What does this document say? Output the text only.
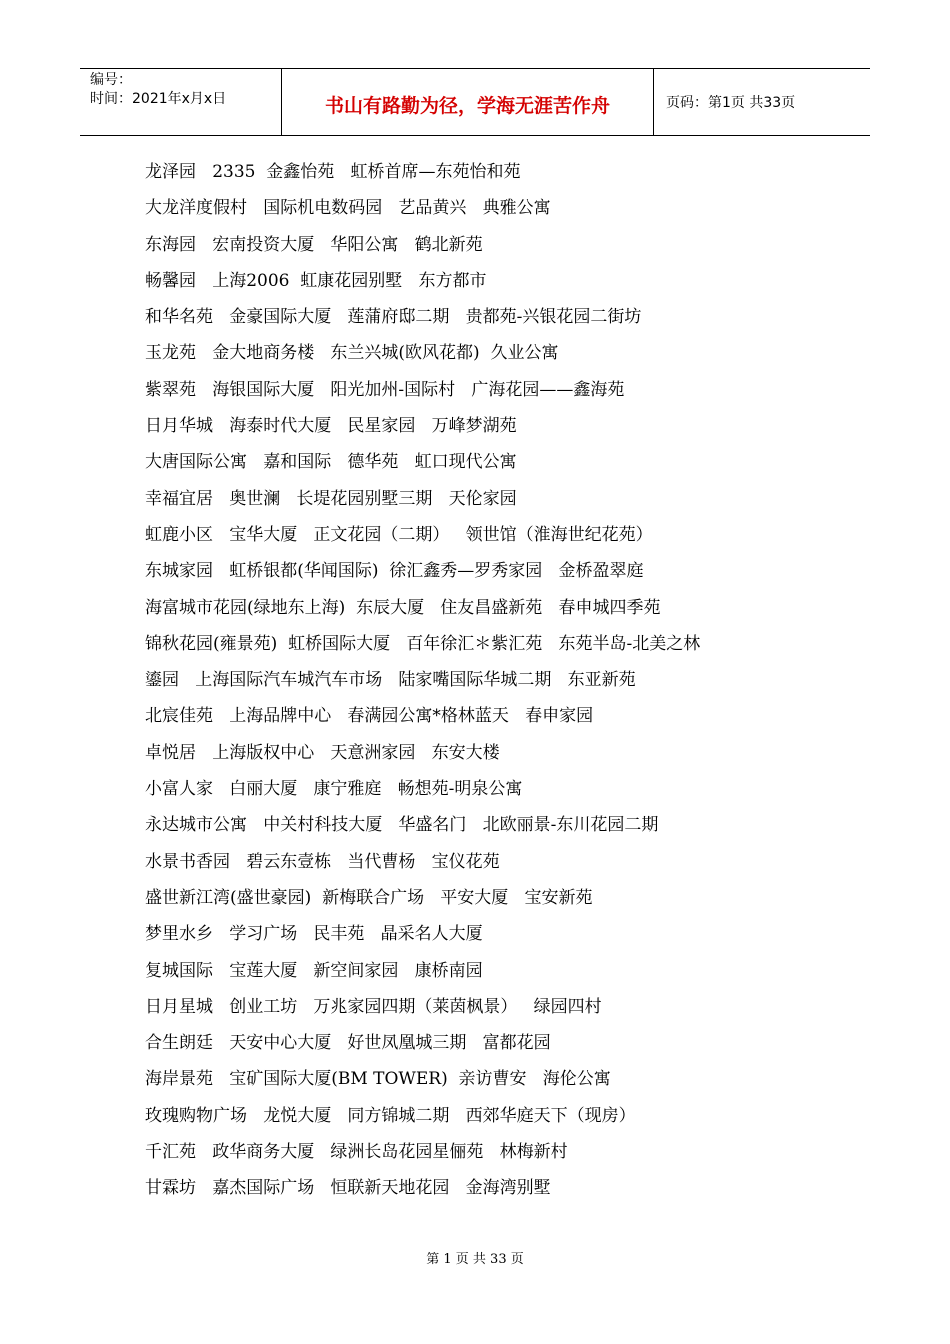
编号：
时间：2021年x月x日	书山有路勤为径，学海无涯苦作舟	页码：第1页 共33页
龙泽园   2335  金鑫怡苑   虹桥首席—东苑怡和苑
大龙洋度假村   国际机电数码园   艺品黄兴   典雅公寓
东海园   宏南投资大厦   华阳公寓   鹤北新苑
畅馨园   上海2006  虹康花园别墅   东方都市
和华名苑   金豪国际大厦   莲蒲府邸二期   贵都苑-兴银花园二街坊
玉龙苑   金大地商务楼   东兰兴城(欧风花都)  久业公寓
紫翠苑   海银国际大厦   阳光加州-国际村   广海花园——鑫海苑
日月华城   海泰时代大厦   民星家园   万峰梦湖苑
大唐国际公寓   嘉和国际   德华苑   虹口现代公寓
幸福宜居   奥世澜   长堤花园别墅三期   天伦家园
虹鹿小区   宝华大厦   正文花园（二期）   领世馆（淮海世纪花苑）
东城家园   虹桥银都(华闻国际)  徐汇鑫秀—罗秀家园   金桥盈翠庭
海富城市花园(绿地东上海)  东辰大厦   住友昌盛新苑   春申城四季苑
锦秋花园(雍景苑)  虹桥国际大厦   百年徐汇＊紫汇苑   东苑半岛-北美之林
鎏园   上海国际汽车城汽车市场   陆家嘴国际华城二期   东亚新苑
北宸佳苑   上海品牌中心   春满园公寓*格林蓝天   春申家园
卓悦居   上海版权中心   天意洲家园   东安大楼
小富人家   白丽大厦   康宁雅庭   畅想苑-明泉公寓
永达城市公寓   中关村科技大厦   华盛名门   北欧丽景-东川花园二期
水景书香园   碧云东壹栋   当代曹杨   宝仪花苑
盛世新江湾(盛世豪园)  新梅联合广场   平安大厦   宝安新苑
梦里水乡   学习广场   民丰苑   晶采名人大厦
复城国际   宝莲大厦   新空间家园   康桥南园
日月星城   创业工坊   万兆家园四期（莱茵枫景）   绿园四村
合生朗廷   天安中心大厦   好世凤凰城三期   富都花园
海岸景苑   宝矿国际大厦(BM TOWER)  亲访曹安   海伦公寓
玫瑰购物广场   龙悦大厦   同方锦城二期   西郊华庭天下（现房）
千汇苑   政华商务大厦   绿洲长岛花园星俪苑   林梅新村
甘霖坊   嘉杰国际广场   恒联新天地花园   金海湾别墅
第 1 页 共 33 页
